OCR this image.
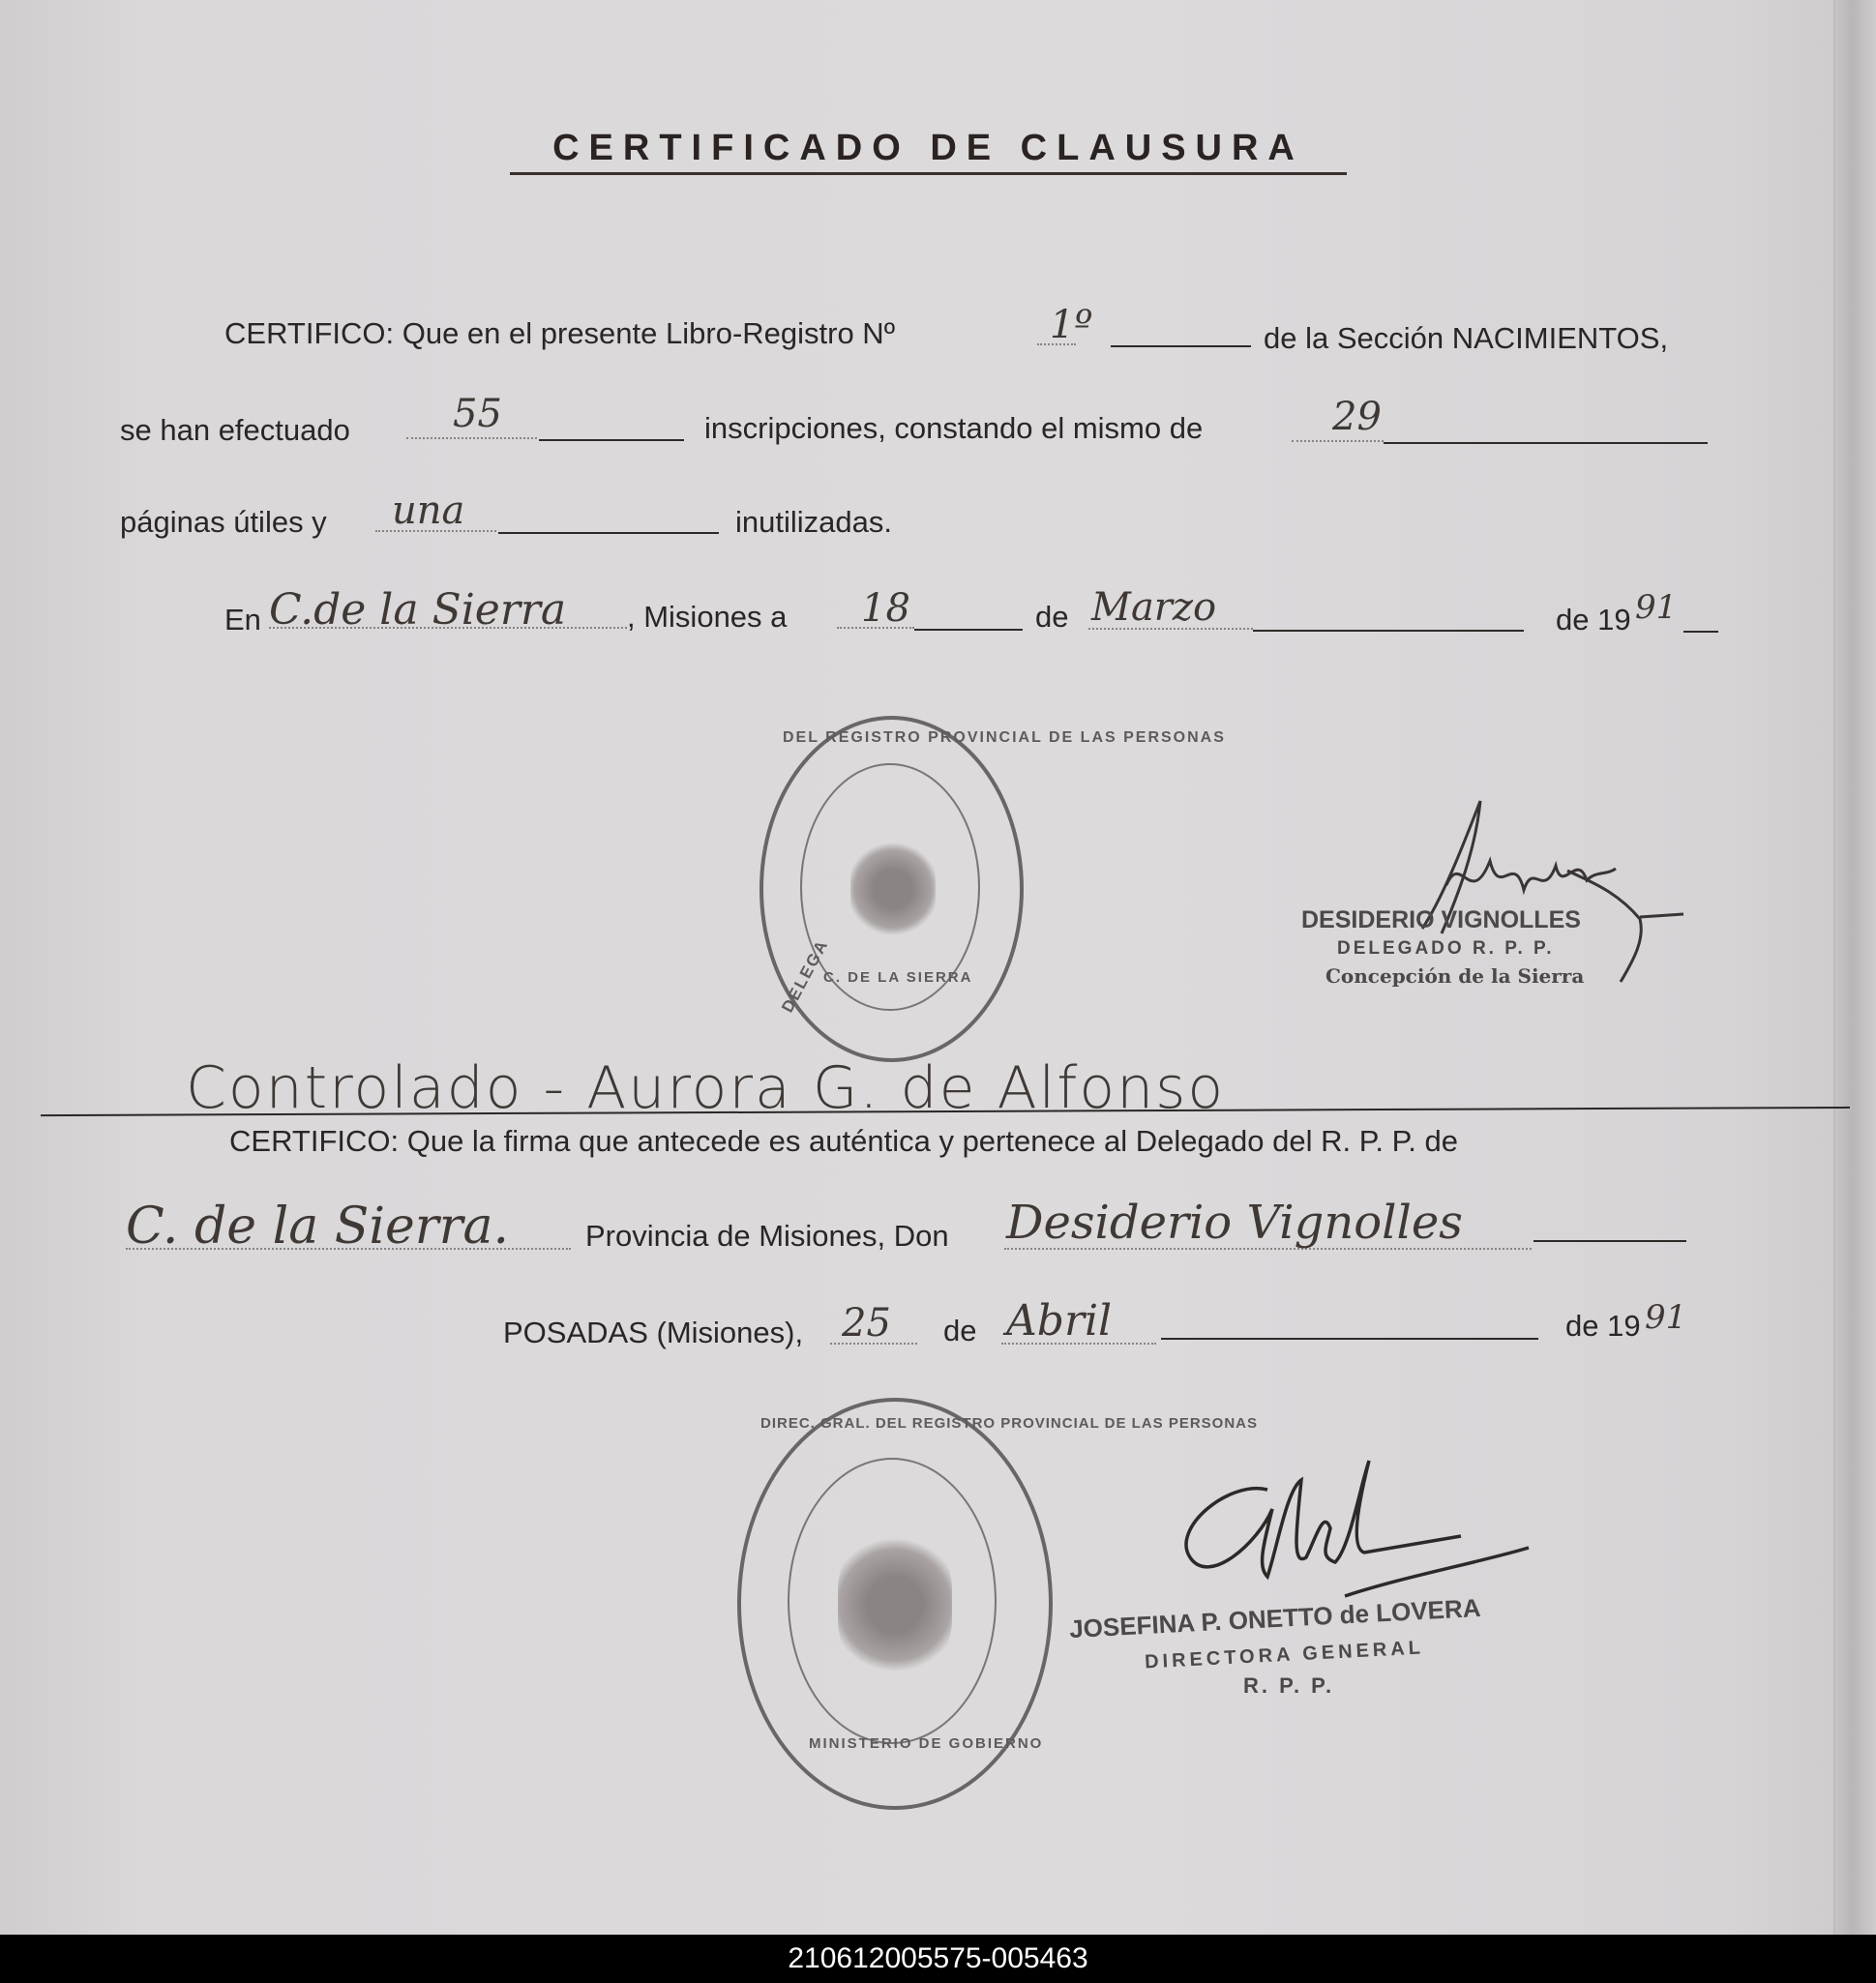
CERTIFICADO DE CLAUSURA
CERTIFICO: Que en el presente Libro-Registro Nº	1º	de la Sección NACIMIENTOS,
se han efectuado	55	inscripciones, constando el mismo de	29
páginas útiles y una	inutilizadas.
En C.de la Sierra , Misiones a 18	de Marzo	de 19 91
DEL REGISTRO PROVINCIAL DE LAS PERSONAS
DELEGA
C. DE LA SIERRA
DESIDERIO VIGNOLLES
DELEGADO R. P. P.
Concepción de la Sierra
Controlado - Aurora G. de Alfonso
CERTIFICO: Que la firma que antecede es auténtica y pertenece al Delegado del R. P. P. de
C. de la Sierra.	Provincia de Misiones, Don Desiderio Vignolles
POSADAS (Misiones), 25 de Abril	de 19 91
DIREC. GRAL. DEL REGISTRO PROVINCIAL DE LAS PERSONAS
MINISTERIO DE GOBIERNO
JOSEFINA P. ONETTO de LOVERA
DIRECTORA GENERAL
R. P. P.
210612005575-005463
